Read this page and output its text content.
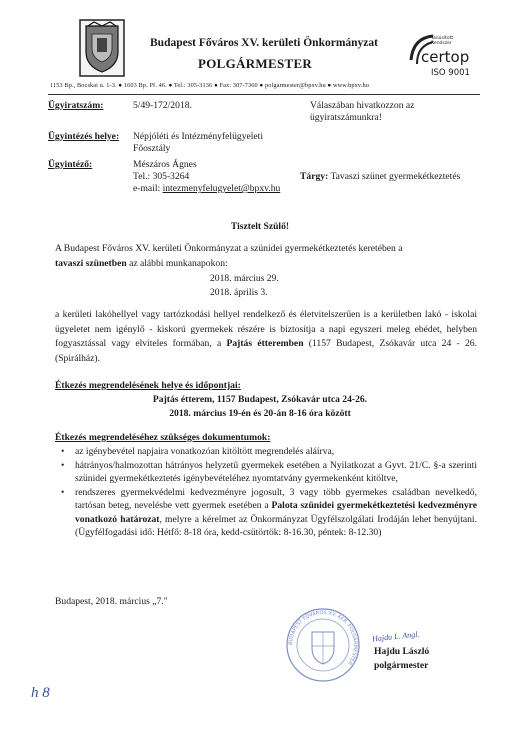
Budapest Főváros XV. kerületi Önkormányzat
POLGÁRMESTER
Tanúsított
Rendszer
certop
ISO 9001
1153 Bp., Bocskai u. 1-3. ● 1603 Bp. Pf. 46. ● Tel.: 305-3136 ● Fax: 307-7360 ● polgarmester@bpxv.hu ● www.bpxv.hu
Ügyiratszám:	5/49-172/2018.	Válaszában hivatkozzon az
ügyiratszámunkra!
Ügyintézés helye: Népjóléti és Intézményfelügyeleti
Főosztály
Ügyintéző:	Mészáros Ágnes
Tel.: 305-3264
e-mail: intezmenyfelugyelet@bpxv.hu
Tárgy: Tavaszi szünet gyermekétkeztetés
Tisztelt Szülő!
A Budapest Főváros XV. kerületi Önkormányzat a szünidei gyermekétkeztetés keretében a
tavaszi szünetben az alábbi munkanapokon:
2018. március 29.
2018. április 3.
a kerületi lakóhellyel vagy tartózkodási hellyel rendelkező és életvitelszerűen is a kerületben lakó - iskolai ügyeletet nem igénylő - kiskorú gyermekek részére is biztosítja a napi egyszeri meleg ebédet, helyben fogyasztással vagy elviteles formában, a Pajtás étteremben (1157 Budapest, Zsókavár utca 24 - 26. (Spirálház).
Étkezés megrendelésének helye és időpontjai:
Pajtás étterem, 1157 Budapest, Zsókavár utca 24-26.
2018. március 19-én és 20-án 8-16 óra között
Étkezés megrendeléséhez szükséges dokumentumok:
• az igénybevétel napjaira vonatkozóan kitöltött megrendelés aláírva,
• hátrányos/halmozottan hátrányos helyzetű gyermekek esetében a Nyilatkozat a Gyvt. 21/C. §-a szerinti szünidei gyermekétkeztetés igénybevételéhez nyomtatvány gyermekenként kitöltve,
• rendszeres gyermekvédelmi kedvezményre jogosult, 3 vagy több gyermekes családban nevelkedő, tartósan beteg, nevelésbe vett gyermek esetében a Palota szünidei gyermekétkeztetési kedvezményre vonatkozó határozat, melyre a kérelmet az Önkormányzat Ügyfélszolgálati Irodáján lehet benyújtani. (Ügyfélfogadási idő: Hétfő: 8-18 óra, kedd-csütörtök: 8-16.30, péntek: 8-12.30)
Budapest, 2018. március „7."
BUDAPEST FŐVÁROS XV. KER. POLGÁRMESTER
Hajdu L. Angl.
Hajdu László
polgármester
h 8
